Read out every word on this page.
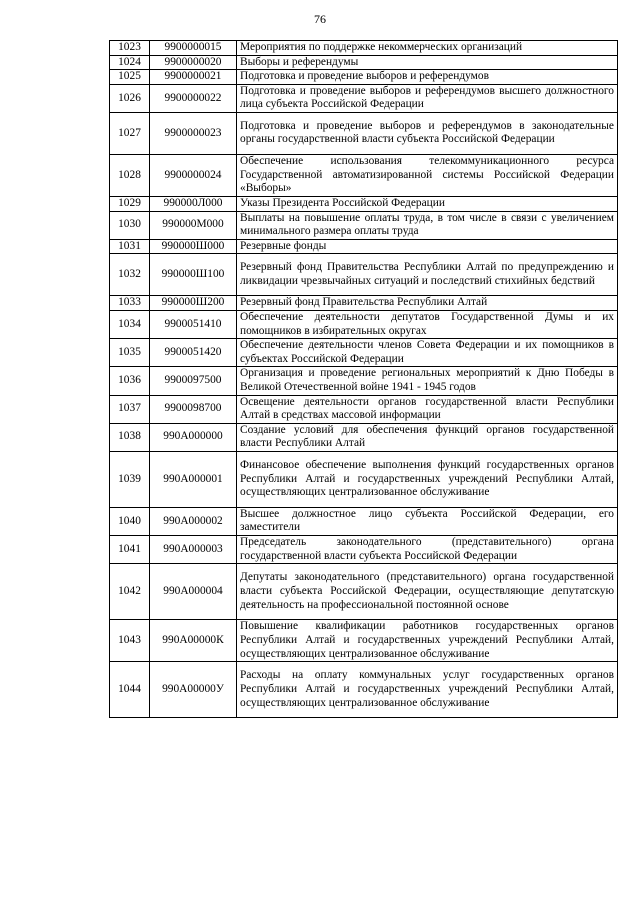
76
1023	9900000015	Мероприятия по поддержке некоммерческих организаций
1024	9900000020	Выборы и референдумы
1025	9900000021	Подготовка и проведение выборов и референдумов
1026	9900000022	Подготовка и проведение выборов и референдумов высшего должностного лица субъекта Российской Федерации
1027	9900000023	Подготовка и проведение выборов и референдумов в законодательные органы государственной власти субъекта Российской Федерации
1028	9900000024	Обеспечение использования телекоммуникационного ресурса Государственной автоматизированной системы Российской Федерации «Выборы»
1029	990000Л000	Указы Президента Российской Федерации
1030	990000М000	Выплаты на повышение оплаты труда, в том числе в связи с увеличением минимального размера оплаты труда
1031	990000Ш000	Резервные фонды
1032	990000Ш100	Резервный фонд Правительства Республики Алтай по предупреждению и ликвидации чрезвычайных ситуаций и последствий стихийных бедствий
1033	990000Ш200	Резервный фонд Правительства Республики Алтай
1034	9900051410	Обеспечение деятельности депутатов Государственной Думы и их помощников в избирательных округах
1035	9900051420	Обеспечение деятельности членов Совета Федерации и их помощников в субъектах Российской Федерации
1036	9900097500	Организация и проведение региональных мероприятий к Дню Победы в Великой Отечественной войне 1941 - 1945 годов
1037	9900098700	Освещение деятельности органов государственной власти Республики Алтай в средствах массовой информации
1038	990А000000	Создание условий для обеспечения функций органов государственной власти Республики Алтай
1039	990А000001	Финансовое обеспечение выполнения функций государственных органов Республики Алтай и государственных учреждений Республики Алтай, осуществляющих централизованное обслуживание
1040	990А000002	Высшее должностное лицо субъекта Российской Федерации, его заместители
1041	990А000003	Председатель законодательного (представительного) органа государственной власти субъекта Российской Федерации
1042	990А000004	Депутаты законодательного (представительного) органа государственной власти субъекта Российской Федерации, осуществляющие депутатскую деятельность на профессиональной постоянной основе
1043	990А00000К	Повышение квалификации работников государственных органов Республики Алтай и государственных учреждений Республики Алтай, осуществляющих централизованное обслуживание
1044	990А00000У	Расходы на оплату коммунальных услуг государственных органов Республики Алтай и государственных учреждений Республики Алтай, осуществляющих централизованное обслуживание
